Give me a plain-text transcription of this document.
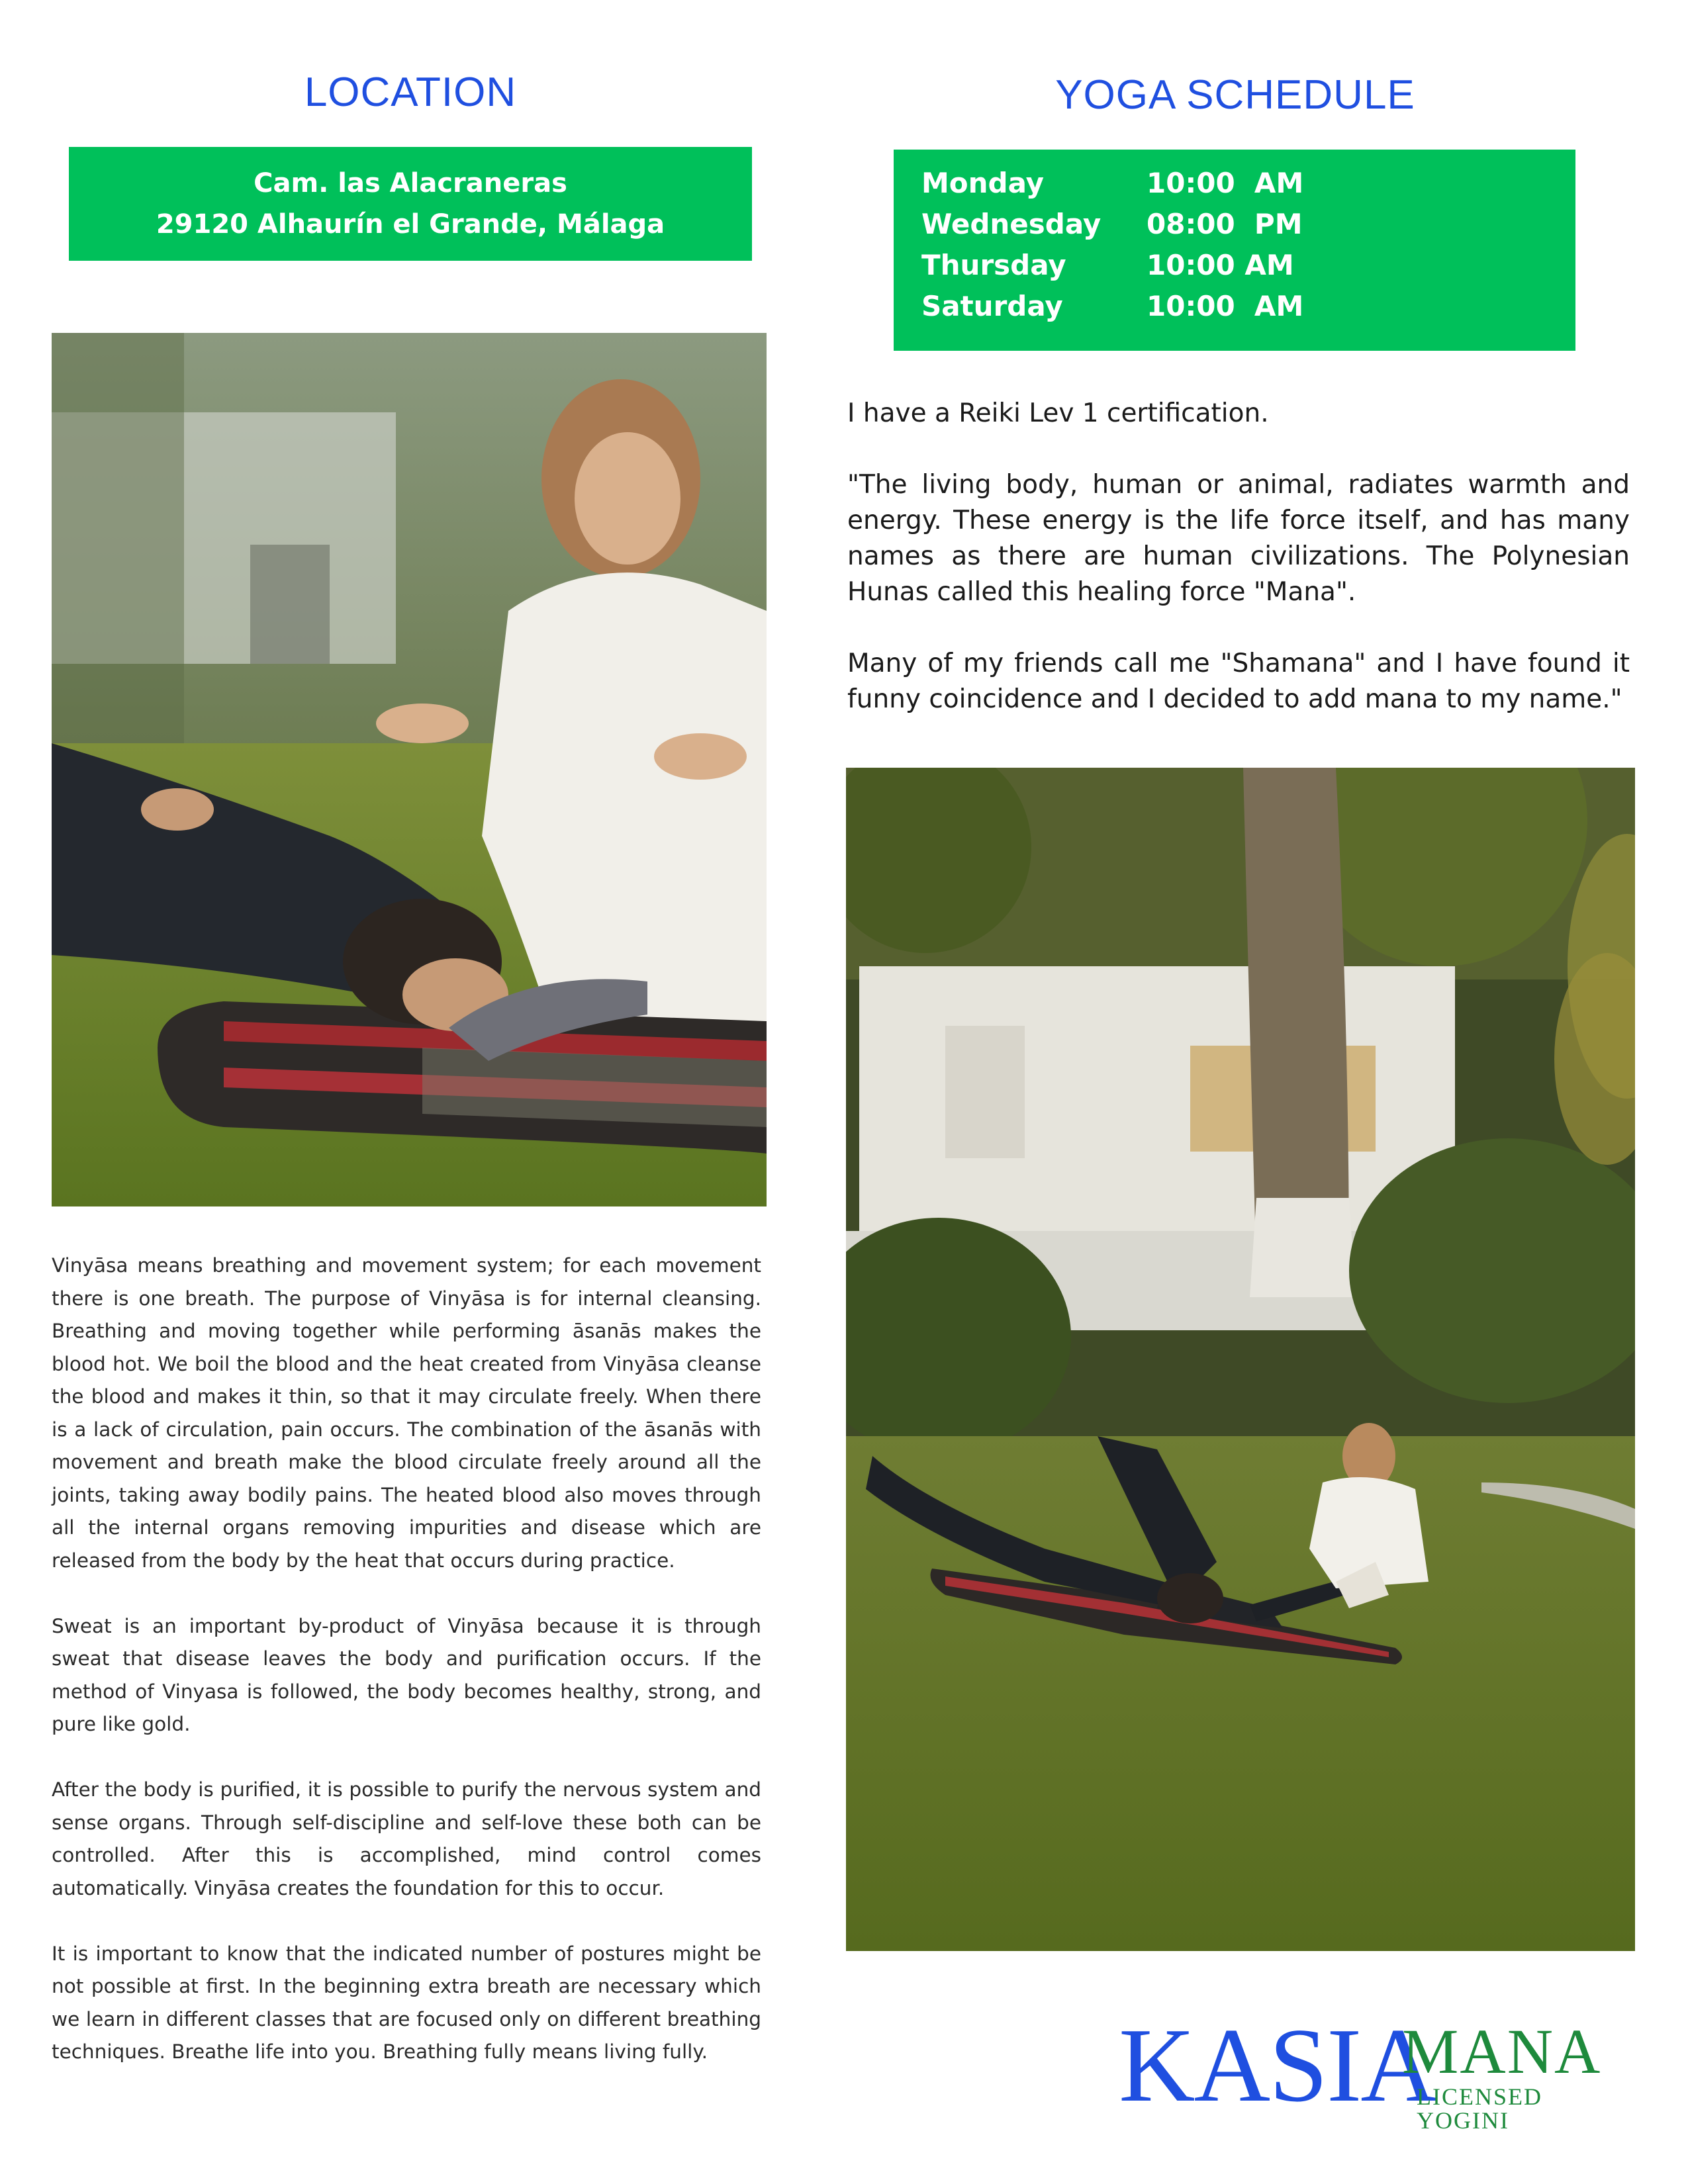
LOCATION
Cam. las Alacraneras
29120 Alhaurín el Grande, Málaga
YOGA SCHEDULE
Monday	10:00  AM
Wednesday 08:00  PM
Thursday	10:00 AM
Saturday	10:00  AM

I have a Reiki Lev 1 certification.

"The living body, human or animal, radiates warmth and energy. These energy is the life force itself, and has many names as there are human civilizations. The Polynesian Hunas called this healing force "Mana".

Many of my friends call me "Shamana" and I have found it funny coincidence and I decided to add mana to my name."

Vinyāsa means breathing and movement system; for each movement there is one breath. The purpose of Vinyāsa is for internal cleansing. Breathing and moving together while performing āsanās makes the blood hot. We boil the blood and the heat created from Vinyāsa cleanse the blood and makes it thin, so that it may circulate freely. When there is a lack of circulation, pain occurs. The combination of the āsanās with movement and breath make the blood circulate freely around all the joints, taking away bodily pains. The heated blood also moves through all the internal organs removing impurities and disease which are released from the body by the heat that occurs during practice.

Sweat is an important by-product of Vinyāsa because it is through sweat that disease leaves the body and purification occurs. If the method of Vinyasa is followed, the body becomes healthy, strong, and pure like gold.

After the body is purified, it is possible to purify the nervous system and sense organs. Through self-discipline and self-love these both can be controlled. After this is accomplished, mind control comes automatically. Vinyāsa creates the foundation for this to occur.

It is important to know that the indicated number of postures might be not possible at first. In the beginning extra breath are necessary which we learn in different classes that are focused only on different breathing techniques. Breathe life into you. Breathing fully means living fully.	KASIA
MANA
LICENSED YOGINI
